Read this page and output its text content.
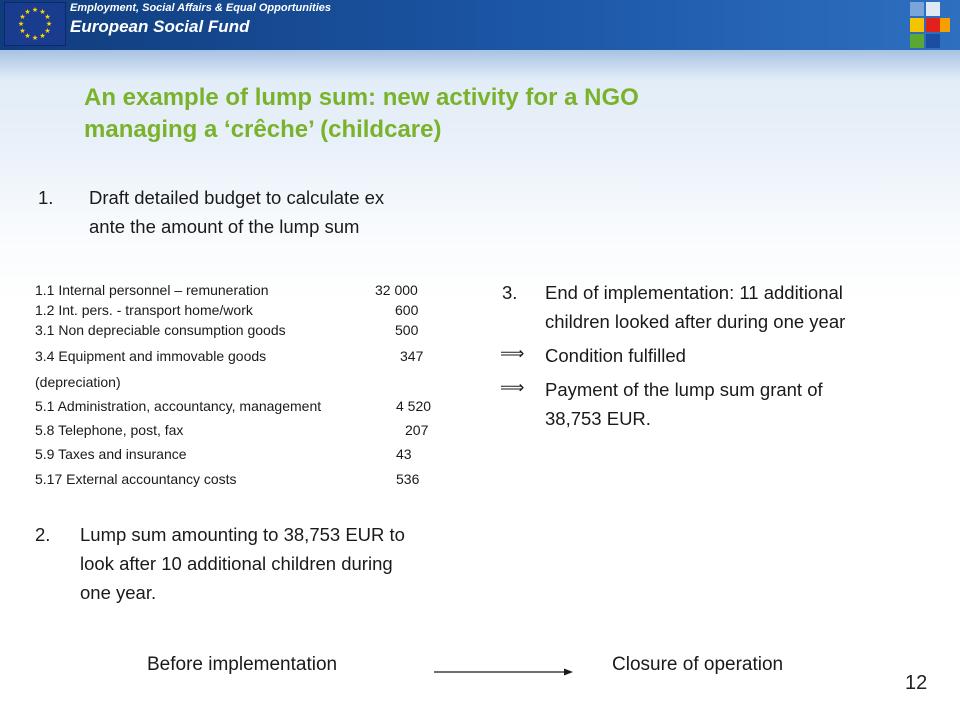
★ ★
★
★
★
★
★
★
★
★
★
★	Employment, Social Affairs & Equal Opportunities
European Social Fund
An example of lump sum: new activity for a NGO
managing a ‘crêche’ (childcare)
1. Draft detailed budget to calculate ex
ante the amount of the lump sum
1.1 Internal personnel – remuneration	32 000
1.2 Int. pers. - transport home/work	600
3.1 Non depreciable consumption goods	500
3.4 Equipment and immovable goods	347
(depreciation)
5.1 Administration, accountancy, management	4 520
5.8 Telephone, post, fax	207
5.9 Taxes and insurance	43
5.17 External accountancy costs	536
2. Lump sum amounting to 38,753 EUR to
look after 10 additional children during
one year.
3. End of implementation: 11 additional
children looked after during one year
⟹ Condition fulfilled
⟹ Payment of the lump sum grant of
38,753 EUR.
Before implementation	Closure of operation
12
